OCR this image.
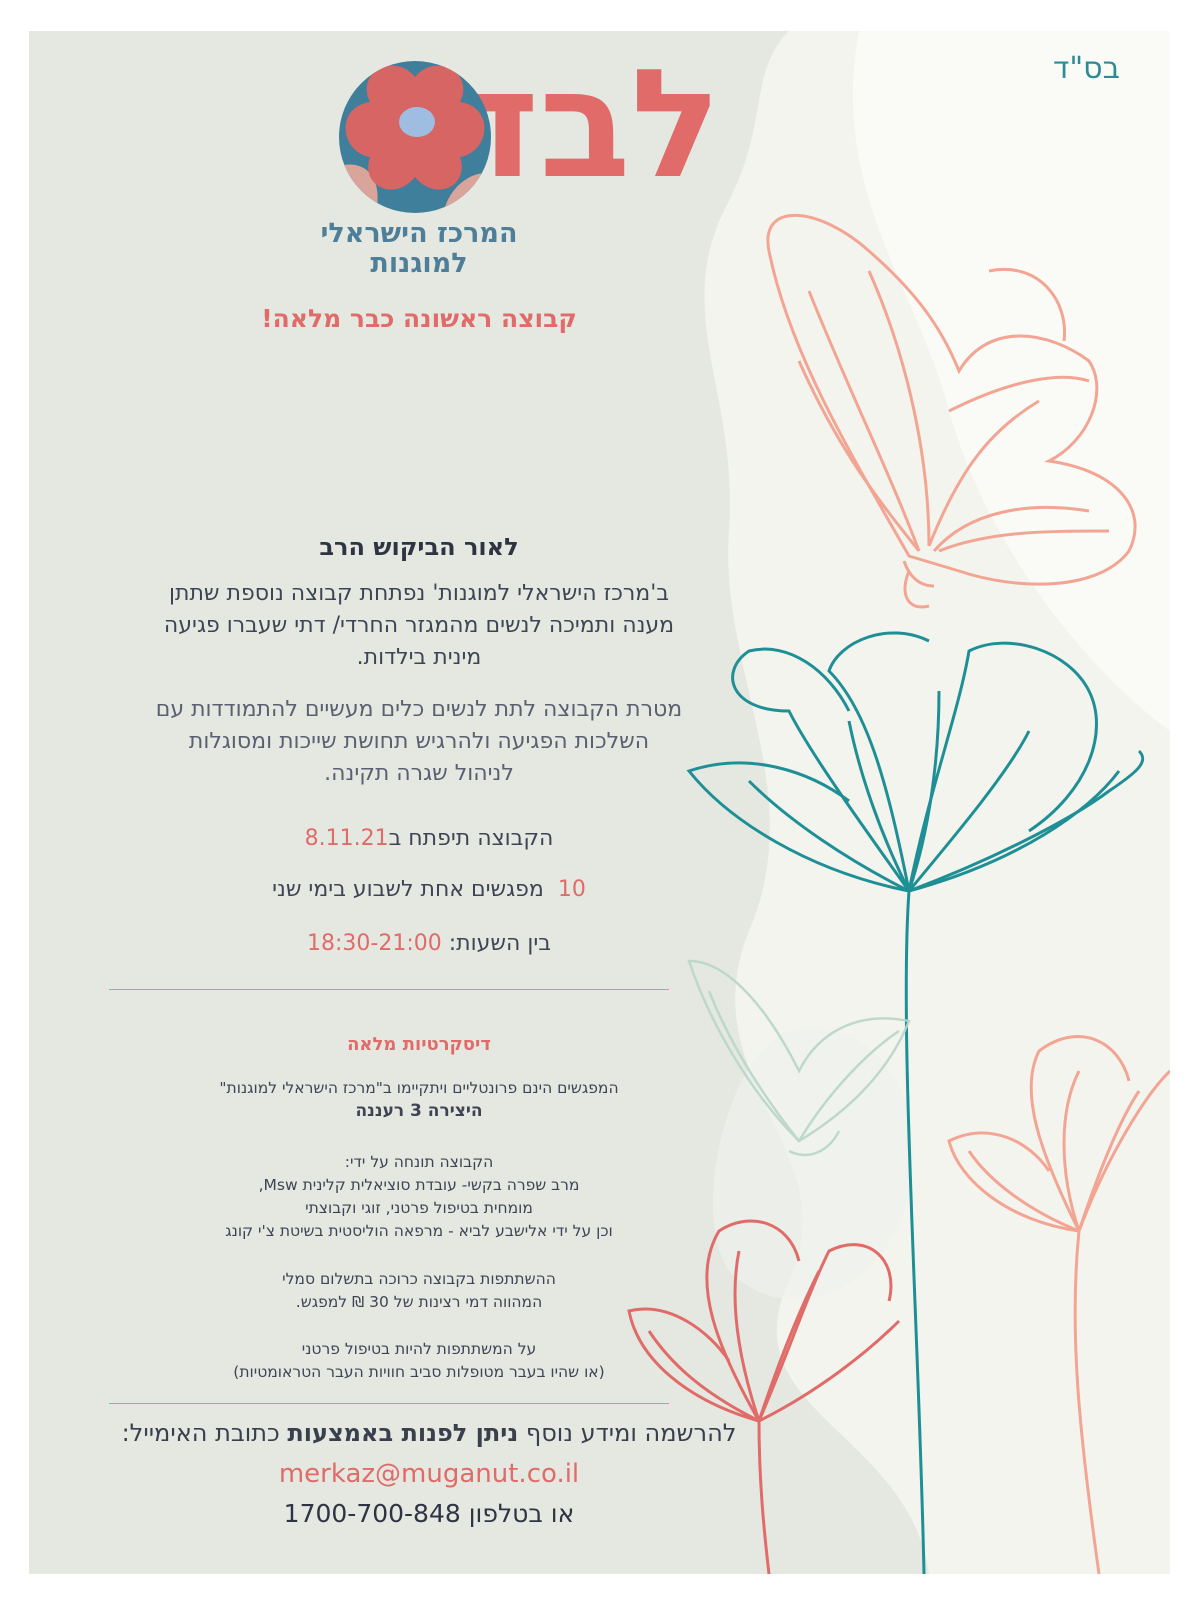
בס"ד
המרכז הישראלי
למוגנות
קבוצה ראשונה כבר מלאה!
לבד
לאור הביקוש הרב
ב'מרכז הישראלי למוגנות' נפתחת קבוצה נוספת שתתן
מענה ותמיכה לנשים מהמגזר החרדי/ דתי שעברו פגיעה
מינית בילדות.
מטרת הקבוצה לתת לנשים כלים מעשיים להתמודדות עם
השלכות הפגיעה ולהרגיש תחושת שייכות ומסוגלות
לניהול שגרה תקינה.
הקבוצה תיפתח ב8.11.21
10  מפגשים אחת לשבוע בימי שני
בין השעות: 18:30-21:00
דיסקרטיות מלאה
המפגשים הינם פרונטליים ויתקיימו ב"מרכז הישראלי למוגנות"
היצירה 3 רעננה
הקבוצה תונחה על ידי:
מרב שפרה בקשי- עובדת סוציאלית קלינית Msw,
מומחית בטיפול פרטני, זוגי וקבוצתי
וכן על ידי אלישבע לביא - מרפאה הוליסטית בשיטת צ'י קונג
ההשתתפות בקבוצה כרוכה בתשלום סמלי
המהווה דמי רצינות של 30 ₪ למפגש.
על המשתתפות להיות בטיפול פרטני
(או שהיו בעבר מטופלות סביב חוויות העבר הטראומטיות)
להרשמה ומידע נוסף ניתן לפנות באמצעות כתובת האימייל:
merkaz@muganut.co.il
או בטלפון 1700-700-848
